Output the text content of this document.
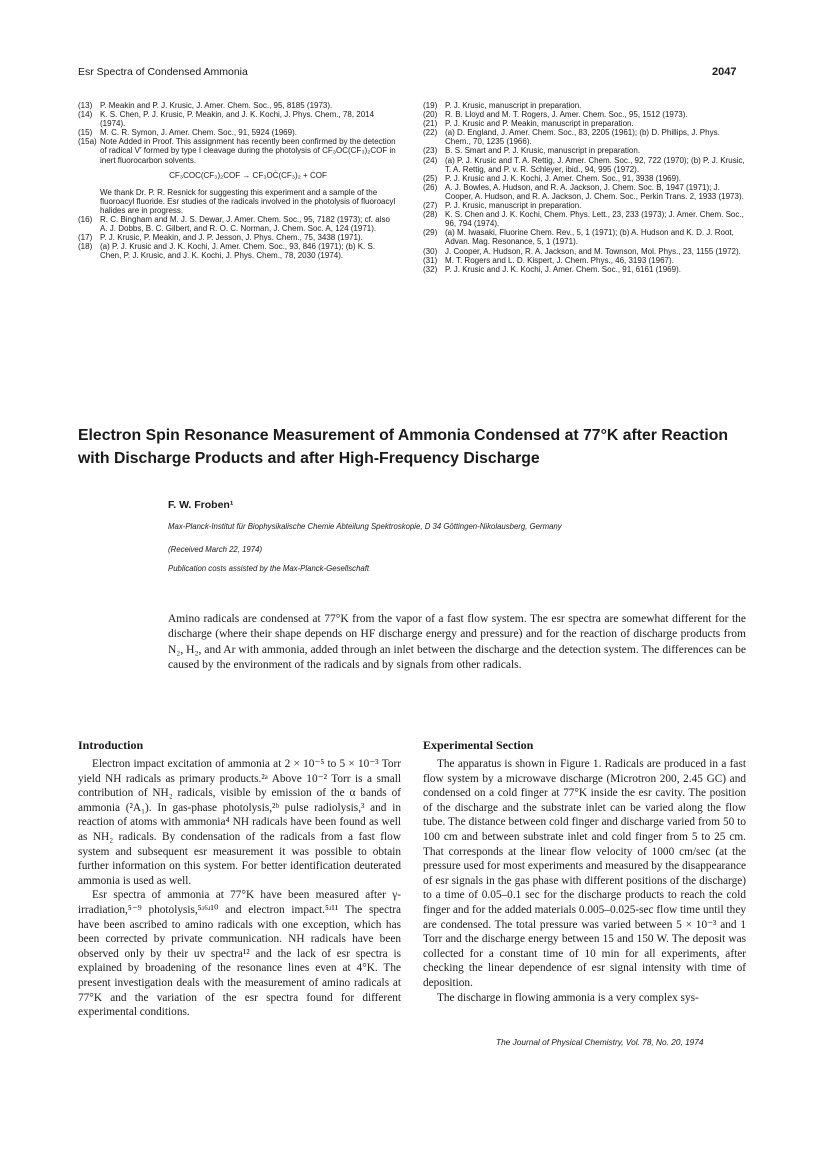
Esr Spectra of Condensed Ammonia	2047
(13) P. Meakin and P. J. Krusic, J. Amer. Chem. Soc., 95, 8185 (1973).
(14) K. S. Chen, P. J. Krusic, P. Meakin, and J. K. Kochi, J. Phys. Chem., 78, 2014 (1974).
(15) M. C. R. Symon, J. Amer. Chem. Soc., 91, 5924 (1969).
(15a) Note Added in Proof. This assignment has recently been confirmed by the detection of radical V′ formed by type I cleavage during the photolysis of CF₃OC(CF₃)₂COF in inert fluorocarbon solvents.
CF₃COC(CF₃)₂COF → CF₃OĊ(CF₃)₂ + ĊOF
We thank Dr. P. R. Resnick for suggesting this experiment and a sample of the fluoroacyl fluoride. Esr studies of the radicals involved in the photolysis of fluoroacyl halides are in progress.
(16) R. C. Bingham and M. J. S. Dewar, J. Amer. Chem. Soc., 95, 7182 (1973); cf. also A. J. Dobbs, B. C. Gilbert, and R. O. C. Norman, J. Chem. Soc. A, 124 (1971).
(17) P. J. Krusic, P. Meakin, and J. P. Jesson, J. Phys. Chem., 75, 3438 (1971).
(18) (a) P. J. Krusic and J. K. Kochi, J. Amer. Chem. Soc., 93, 846 (1971); (b) K. S. Chen, P. J. Krusic, and J. K. Kochi, J. Phys. Chem., 78, 2030 (1974).
(19) P. J. Krusic, manuscript in preparation.
(20) R. B. Lloyd and M. T. Rogers, J. Amer. Chem. Soc., 95, 1512 (1973).
(21) P. J. Krusic and P. Meakin, manuscript in preparation.
(22) (a) D. England, J. Amer. Chem. Soc., 83, 2205 (1961); (b) D. Phillips, J. Phys. Chem., 70, 1235 (1966).
(23) B. S. Smart and P. J. Krusic, manuscript in preparation.
(24) (a) P. J. Krusic and T. A. Rettig, J. Amer. Chem. Soc., 92, 722 (1970); (b) P. J. Krusic, T. A. Rettig, and P. v. R. Schleyer, ibid., 94, 995 (1972).
(25) P. J. Krusic and J. K. Kochi, J. Amer. Chem. Soc., 91, 3938 (1969).
(26) A. J. Bowles, A. Hudson, and R. A. Jackson, J. Chem. Soc. B, 1947 (1971); J. Cooper, A. Hudson, and R. A. Jackson, J. Chem. Soc., Perkin Trans. 2, 1933 (1973).
(27) P. J. Krusic, manuscript in preparation.
(28) K. S. Chen and J. K. Kochi, Chem. Phys. Lett., 23, 233 (1973); J. Amer. Chem. Soc., 96, 794 (1974).
(29) (a) M. Iwasaki, Fluorine Chem. Rev., 5, 1 (1971); (b) A. Hudson and K. D. J. Root, Advan. Mag. Resonance, 5, 1 (1971).
(30) J. Cooper, A. Hudson, R. A. Jackson, and M. Townson, Mol. Phys., 23, 1155 (1972).
(31) M. T. Rogers and L. D. Kispert, J. Chem. Phys., 46, 3193 (1967).
(32) P. J. Krusic and J. K. Kochi, J. Amer. Chem. Soc., 91, 6161 (1969).
Electron Spin Resonance Measurement of Ammonia Condensed at 77°K after Reaction with Discharge Products and after High-Frequency Discharge
F. W. Froben¹
Max-Planck-Institut für Biophysikalische Chemie Abteilung Spektroskopie, D 34 Göttingen-Nikolausberg, Germany
(Received March 22, 1974)
Publication costs assisted by the Max-Planck-Gesellschaft
Amino radicals are condensed at 77°K from the vapor of a fast flow system. The esr spectra are somewhat different for the discharge (where their shape depends on HF discharge energy and pressure) and for the reaction of discharge products from N₂, H₂, and Ar with ammonia, added through an inlet between the discharge and the detection system. The differences can be caused by the environment of the radicals and by signals from other radicals.
Introduction

Electron impact excitation of ammonia at 2 × 10⁻⁵ to 5 × 10⁻³ Torr yield NH radicals as primary products.²ᵃ Above 10⁻² Torr is a small contribution of NH₂ radicals, visible by emission of the α bands of ammonia (²A₁). In gas-phase photolysis,²ᵇ pulse radiolysis,³ and in reaction of atoms with ammonia⁴ NH radicals have been found as well as NH₂ radicals. By condensation of the radicals from a fast flow system and subsequent esr measurement it was possible to obtain further information on this system. For better identification deuterated ammonia is used as well.

Esr spectra of ammonia at 77°K have been measured after γ-irradiation,⁵⁻⁹ photolysis,⁵ʴ⁶ʴ¹⁰ and electron impact.⁵ʴ¹¹ The spectra have been ascribed to amino radicals with one exception, which has been corrected by private communication. NH radicals have been observed only by their uv spectra¹² and the lack of esr spectra is explained by broadening of the resonance lines even at 4°K. The present investigation deals with the measurement of amino radicals at 77°K and the variation of the esr spectra found for different experimental conditions.

Experimental Section

The apparatus is shown in Figure 1. Radicals are produced in a fast flow system by a microwave discharge (Microtron 200, 2.45 GC) and condensed on a cold finger at 77°K inside the esr cavity. The position of the discharge and the substrate inlet can be varied along the flow tube. The distance between cold finger and discharge varied from 50 to 100 cm and between substrate inlet and cold finger from 5 to 25 cm. That corresponds at the linear flow velocity of 1000 cm/sec (at the pressure used for most experiments and measured by the disappearance of esr signals in the gas phase with different positions of the discharge) to a time of 0.05–0.1 sec for the discharge products to reach the cold finger and for the added materials 0.005–0.025-sec flow time until they are condensed. The total pressure was varied between 5 × 10⁻³ and 1 Torr and the discharge energy between 15 and 150 W. The deposit was collected for a constant time of 10 min for all experiments, after checking the linear dependence of esr signal intensity with time of deposition.

The discharge in flowing ammonia is a very complex sys-

The Journal of Physical Chemistry, Vol. 78, No. 20, 1974
